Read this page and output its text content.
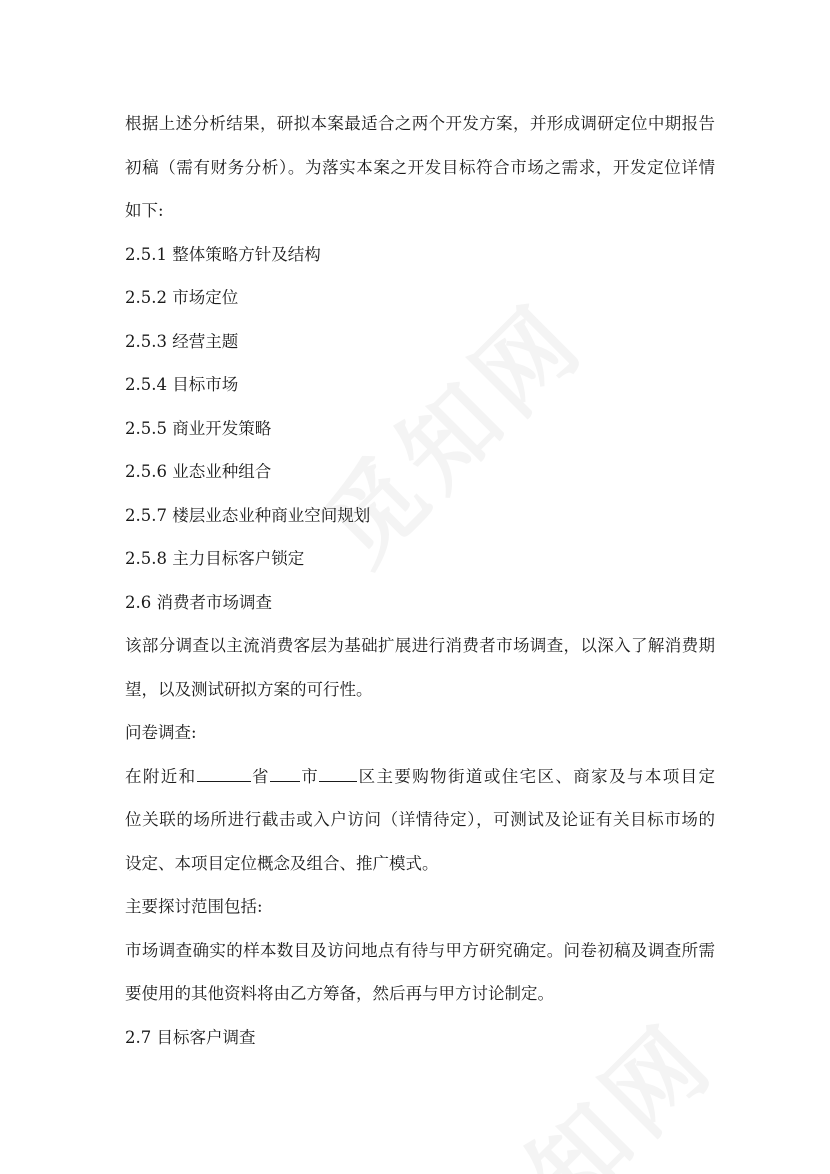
根据上述分析结果，研拟本案最适合之两个开发方案，并形成调研定位中期报告
初稿（需有财务分析）。为落实本案之开发目标符合市场之需求，开发定位详情
如下:
2.5.1 整体策略方针及结构
2.5.2 市场定位
2.5.3 经营主题
2.5.4 目标市场
2.5.5 商业开发策略
2.5.6 业态业种组合
2.5.7 楼层业态业种商业空间规划
2.5.8 主力目标客户锁定
2.6 消费者市场调查
该部分调查以主流消费客层为基础扩展进行消费者市场调查，以深入了解消费期
望，以及测试研拟方案的可行性。
问卷调查:
在附近和	省 市 区主要购物街道或住宅区、商家及与本项目定
位关联的场所进行截击或入户访问（详情待定），可测试及论证有关目标市场的
设定、本项目定位概念及组合、推广模式。
主要探讨范围包括:
市场调查确实的样本数目及访问地点有待与甲方研究确定。问卷初稿及调查所需
要使用的其他资料将由乙方筹备，然后再与甲方讨论制定。
2.7 目标客户调查
